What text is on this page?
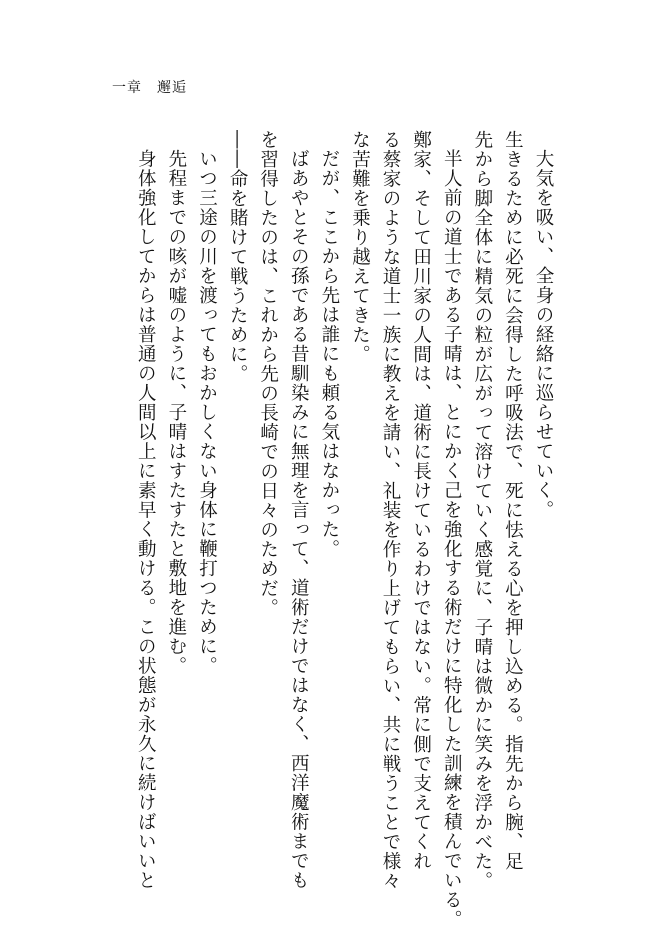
一章　邂逅
大気を吸い、全身の経絡に巡らせていく。
生きるために必死に会得した呼吸法で、死に怯える心を押し込める。指先から腕、足
先から脚全体に精気の粒が広がって溶けていく感覚に、子晴は微かに笑みを浮かべた。
半人前の道士である子晴は、とにかく己を強化する術だけに特化した訓練を積んでいる。
鄭家、そして田川家の人間は、道術に長けているわけではない。常に側で支えてくれ
る蔡家のような道士一族に教えを請い、礼装を作り上げてもらい、共に戦うことで様々
な苦難を乗り越えてきた。
だが、ここから先は誰にも頼る気はなかった。
ばあやとその孫である昔馴染みに無理を言って、道術だけではなく、西洋魔術までも
を習得したのは、これから先の長崎での日々のためだ。
――命を賭けて戦うために。
いつ三途の川を渡ってもおかしくない身体に鞭打つために。
先程までの咳が嘘のように、子晴はすたすたと敷地を進む。
身体強化してからは普通の人間以上に素早く動ける。この状態が永久に続けばいいと
